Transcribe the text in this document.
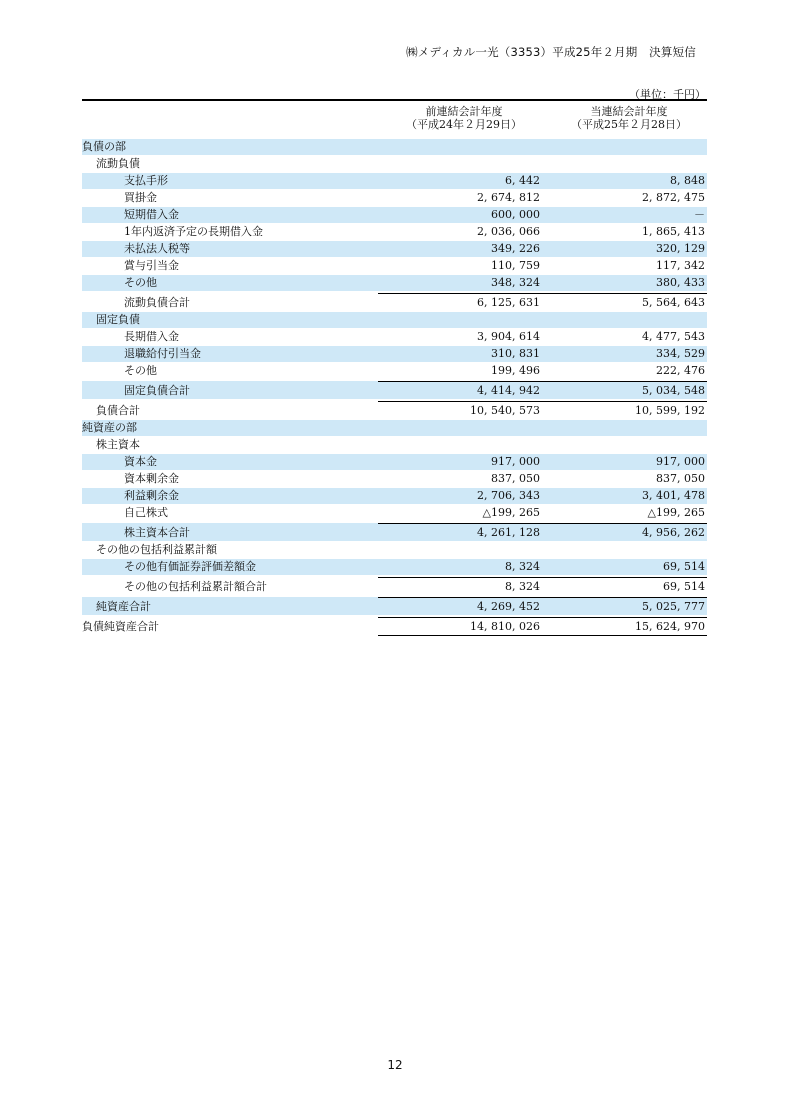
㈱メディカル一光（3353）平成25年２月期　決算短信
（単位：千円）
前連結会計年度
（平成24年２月29日）
当連結会計年度
（平成25年２月28日）
負債の部
流動負債
支払手形	6, 442	8, 848
買掛金	2, 674, 812	2, 872, 475
短期借入金	600, 000	－
1年内返済予定の長期借入金	2, 036, 066	1, 865, 413
未払法人税等	349, 226	320, 129
賞与引当金	110, 759	117, 342
その他	348, 324	380, 433
流動負債合計	6, 125, 631	5, 564, 643
固定負債
長期借入金	3, 904, 614	4, 477, 543
退職給付引当金	310, 831	334, 529
その他	199, 496	222, 476
固定負債合計	4, 414, 942	5, 034, 548
負債合計	10, 540, 573	10, 599, 192
純資産の部
株主資本
資本金	917, 000	917, 000
資本剰余金	837, 050	837, 050
利益剰余金	2, 706, 343	3, 401, 478
自己株式	△199, 265	△199, 265
株主資本合計	4, 261, 128	4, 956, 262
その他の包括利益累計額
その他有価証券評価差額金	8, 324	69, 514
その他の包括利益累計額合計	8, 324	69, 514
純資産合計	4, 269, 452	5, 025, 777
負債純資産合計	14, 810, 026	15, 624, 970
12
